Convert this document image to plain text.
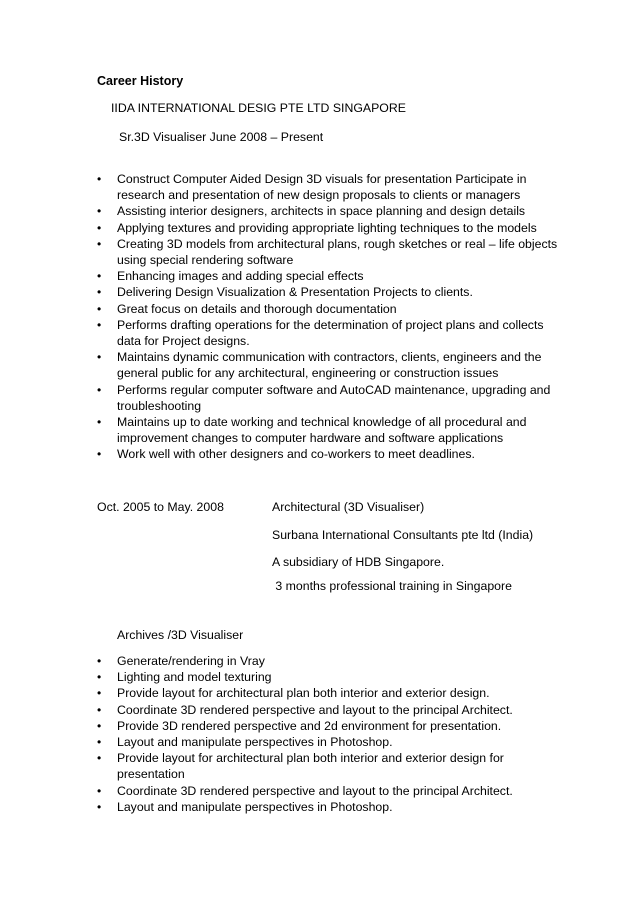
Career History
IIDA INTERNATIONAL DESIG PTE LTD SINGAPORE
Sr.3D Visualiser June 2008 – Present
• Construct Computer Aided Design 3D visuals for presentation Participate in research and presentation of new design proposals to clients or managers
• Assisting interior designers, architects in space planning and design details
• Applying textures and providing appropriate lighting techniques to the models
• Creating 3D models from architectural plans, rough sketches or real – life objects using special rendering software
• Enhancing images and adding special effects
• Delivering Design Visualization & Presentation Projects to clients.
• Great focus on details and thorough documentation
• Performs drafting operations for the determination of project plans and collects data for Project designs.
• Maintains dynamic communication with contractors, clients, engineers and the general public for any architectural, engineering or construction issues
• Performs regular computer software and AutoCAD maintenance, upgrading and troubleshooting
• Maintains up to date working and technical knowledge of all procedural and improvement changes to computer hardware and software applications
• Work well with other designers and co-workers to meet deadlines.
Oct. 2005 to May. 2008	Architectural (3D Visualiser)
Surbana International Consultants pte ltd (India)
A subsidiary of HDB Singapore.
3 months professional training in Singapore
Archives /3D Visualiser
• Generate/rendering in Vray
• Lighting and model texturing
• Provide layout for architectural plan both interior and exterior design.
• Coordinate 3D rendered perspective and layout to the principal Architect.
• Provide 3D rendered perspective and 2d environment for presentation.
• Layout and manipulate perspectives in Photoshop.
• Provide layout for architectural plan both interior and exterior design for presentation
• Coordinate 3D rendered perspective and layout to the principal Architect.
• Layout and manipulate perspectives in Photoshop.
